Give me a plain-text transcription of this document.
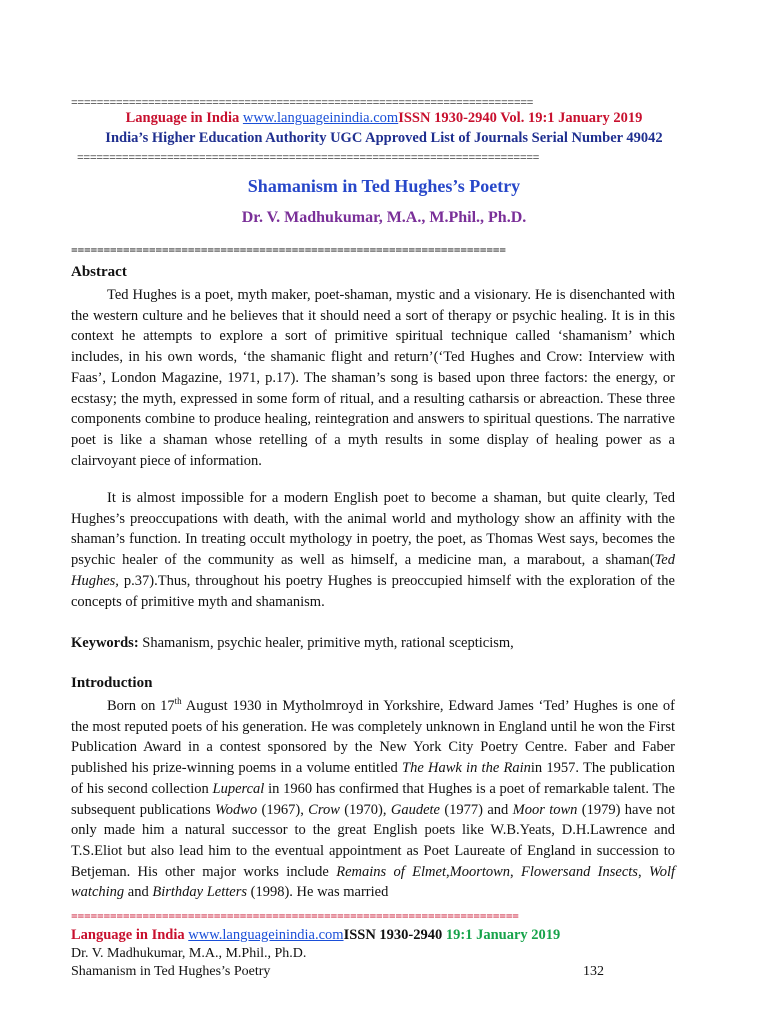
========================================================================
Language in India www.languageinindia.comISSN 1930-2940 Vol. 19:1 January 2019
India’s Higher Education Authority UGC Approved List of Journals Serial Number 49042
========================================================================
Shamanism in Ted Hughes’s Poetry
Dr. V. Madhukumar, M.A., M.Phil., Ph.D.
===================================================================
Abstract

Ted Hughes is a poet, myth maker, poet-shaman, mystic and a visionary. He is disenchanted with the western culture and he believes that it should need a sort of therapy or psychic healing. It is in this context he attempts to explore a sort of primitive spiritual technique called ‘shamanism’ which includes, in his own words, ‘the shamanic flight and return’(‘Ted Hughes and Crow: Interview with Faas’, London Magazine, 1971, p.17). The shaman’s song is based upon three factors: the energy, or ecstasy; the myth, expressed in some form of ritual, and a resulting catharsis or abreaction. These three components combine to produce healing, reintegration and answers to spiritual questions. The narrative poet is like a shaman whose retelling of a myth results in some display of healing power as a clairvoyant piece of information.

It is almost impossible for a modern English poet to become a shaman, but quite clearly, Ted Hughes’s preoccupations with death, with the animal world and mythology show an affinity with the shaman’s function. In treating occult mythology in poetry, the poet, as Thomas West says, becomes the psychic healer of the community as well as himself, a medicine man, a marabout, a shaman(Ted Hughes, p.37).Thus, throughout his poetry Hughes is preoccupied himself with the exploration of the concepts of primitive myth and shamanism.

Keywords: Shamanism, psychic healer, primitive myth, rational scepticism,
Introduction

Born on 17th August 1930 in Mytholmroyd in Yorkshire, Edward James ‘Ted’ Hughes is one of the most reputed poets of his generation. He was completely unknown in England until he won the First Publication Award in a contest sponsored by the New York City Poetry Centre. Faber and Faber published his prize-winning poems in a volume entitled The Hawk in the Rainin 1957. The publication of his second collection Lupercal in 1960 has confirmed that Hughes is a poet of remarkable talent. The subsequent publications Wodwo (1967), Crow (1970), Gaudete (1977) and Moor town (1979) have not only made him a natural successor to the great English poets like W.B.Yeats, D.H.Lawrence and T.S.Eliot but also lead him to the eventual appointment as Poet Laureate of England in succession to Betjeman. His other major works include Remains of Elmet,Moortown, Flowersand Insects, Wolf watching and Birthday Letters (1998). He was married

=====================================================================
Language in India www.languageinindia.comISSN 1930-2940 19:1 January 2019
Dr. V. Madhukumar, M.A., M.Phil., Ph.D.
Shamanism in Ted Hughes’s Poetry	132
